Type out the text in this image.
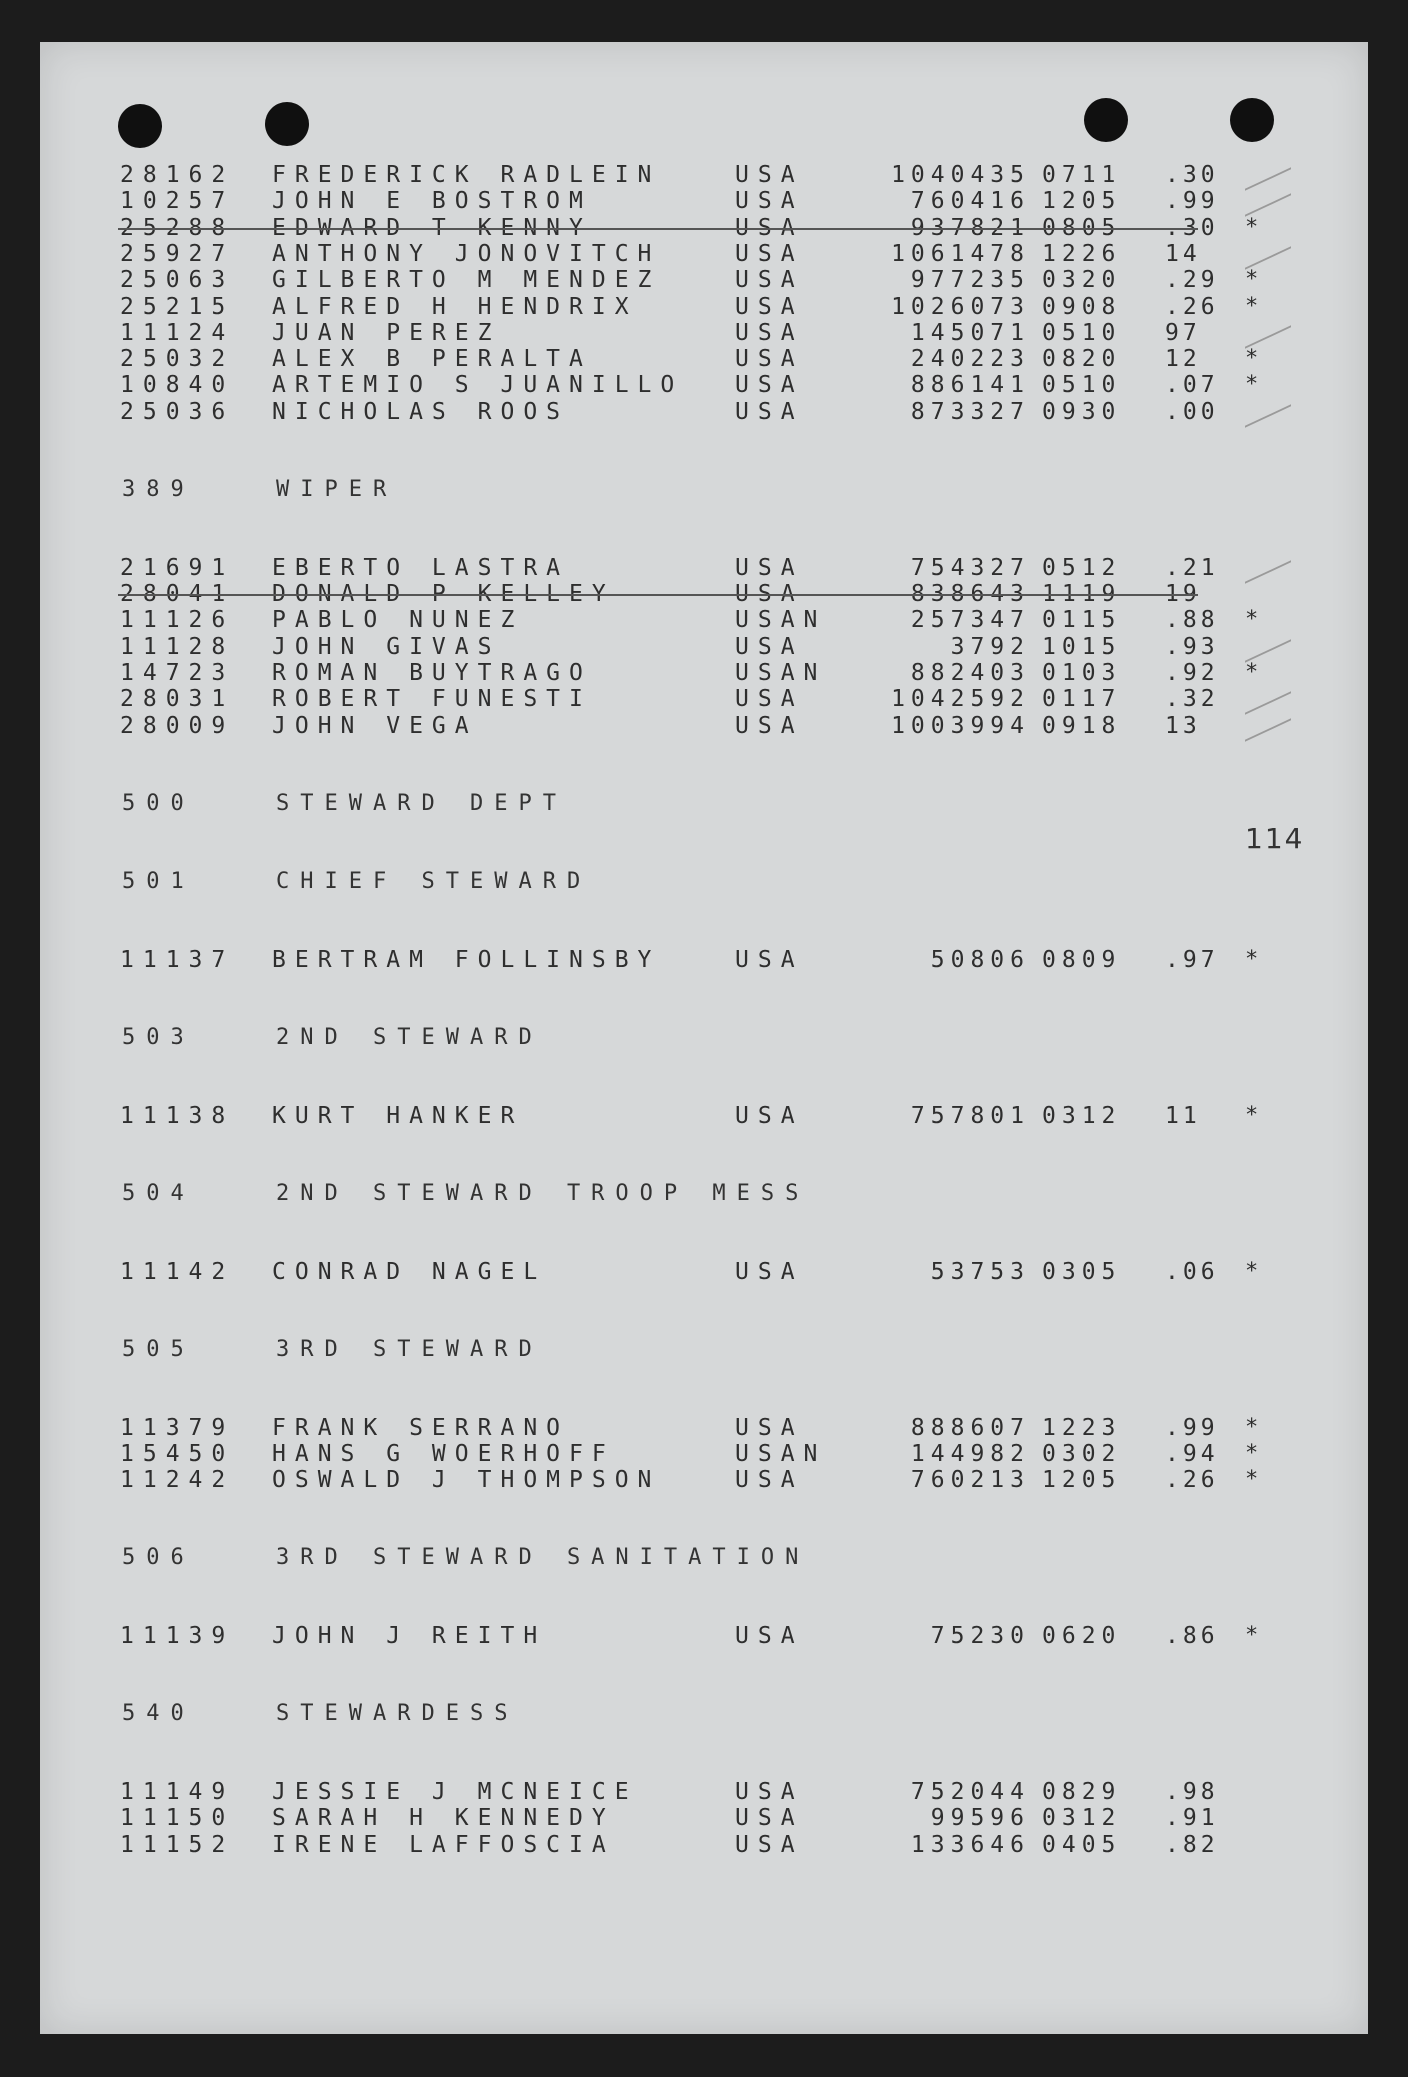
114
28162 FREDERICK RADLEIN	USA	1040435 0711 .30
10257 JOHN E BOSTROM	USA	760416 1205 .99
25288 EDWARD T KENNY	USA	937821 0805 .30 *
25927 ANTHONY JONOVITCH	USA	1061478 1226 14
25063 GILBERTO M MENDEZ	USA	977235 0320 .29 *
25215 ALFRED H HENDRIX	USA	1026073 0908 .26 *
11124 JUAN PEREZ	USA	145071 0510 97
25032 ALEX B PERALTA	USA	240223 0820 12 *
10840 ARTEMIO S JUANILLO USA	886141 0510 .07 *
25036 NICHOLAS ROOS	USA	873327 0930 .00
389	WIPER
21691 EBERTO LASTRA	USA	754327 0512 .21
28041 DONALD P KELLEY	USA	838643 1119 19
11126 PABLO NUNEZ	USAN	257347 0115 .88 *
11128 JOHN GIVAS	USA	3792 1015 .93
14723 ROMAN BUYTRAGO	USAN	882403 0103 .92 *
28031 ROBERT FUNESTI	USA	1042592 0117 .32
28009 JOHN VEGA	USA	1003994 0918 13
500	STEWARD DEPT
501	CHIEF STEWARD
11137 BERTRAM FOLLINSBY	USA	50806 0809 .97 *
503	2ND STEWARD
11138 KURT HANKER	USA	757801 0312 11 *
504	2ND STEWARD TROOP MESS
11142 CONRAD NAGEL	USA	53753 0305 .06 *
505	3RD STEWARD
11379 FRANK SERRANO	USA	888607 1223 .99 *
15450 HANS G WOERHOFF	USAN	144982 0302 .94 *
11242 OSWALD J THOMPSON	USA	760213 1205 .26 *
506	3RD STEWARD SANITATION
11139 JOHN J REITH	USA	75230 0620 .86 *
540	STEWARDESS
11149 JESSIE J MCNEICE	USA	752044 0829 .98
11150 SARAH H KENNEDY	USA	99596 0312 .91
11152 IRENE LAFFOSCIA	USA	133646 0405 .82
